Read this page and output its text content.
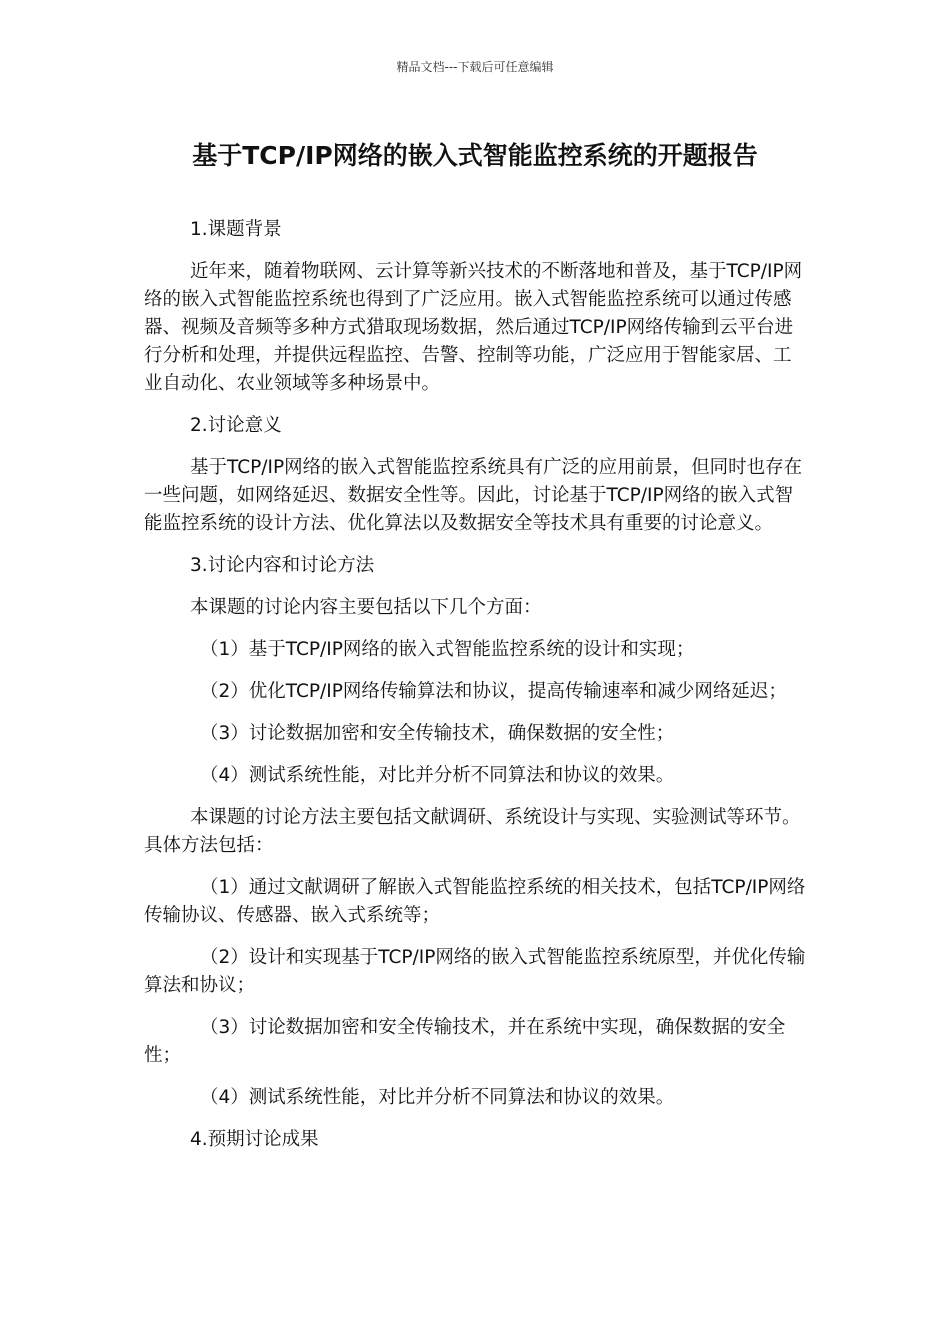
精品文档---下载后可任意编辑
基于TCP/IP网络的嵌入式智能监控系统的开题报告

1.课题背景

近年来，随着物联网、云计算等新兴技术的不断落地和普及，基于TCP/IP网络的嵌入式智能监控系统也得到了广泛应用。嵌入式智能监控系统可以通过传感器、视频及音频等多种方式猎取现场数据，然后通过TCP/IP网络传输到云平台进行分析和处理，并提供远程监控、告警、控制等功能，广泛应用于智能家居、工业自动化、农业领域等多种场景中。

2.讨论意义

基于TCP/IP网络的嵌入式智能监控系统具有广泛的应用前景，但同时也存在一些问题，如网络延迟、数据安全性等。因此，讨论基于TCP/IP网络的嵌入式智能监控系统的设计方法、优化算法以及数据安全等技术具有重要的讨论意义。

3.讨论内容和讨论方法

本课题的讨论内容主要包括以下几个方面：

（1）基于TCP/IP网络的嵌入式智能监控系统的设计和实现；

（2）优化TCP/IP网络传输算法和协议，提高传输速率和减少网络延迟；

（3）讨论数据加密和安全传输技术，确保数据的安全性；

（4）测试系统性能，对比并分析不同算法和协议的效果。

本课题的讨论方法主要包括文献调研、系统设计与实现、实验测试等环节。具体方法包括：

（1）通过文献调研了解嵌入式智能监控系统的相关技术，包括TCP/IP网络传输协议、传感器、嵌入式系统等；

（2）设计和实现基于TCP/IP网络的嵌入式智能监控系统原型，并优化传输算法和协议；

（3）讨论数据加密和安全传输技术，并在系统中实现，确保数据的安全性；

（4）测试系统性能，对比并分析不同算法和协议的效果。

4.预期讨论成果
